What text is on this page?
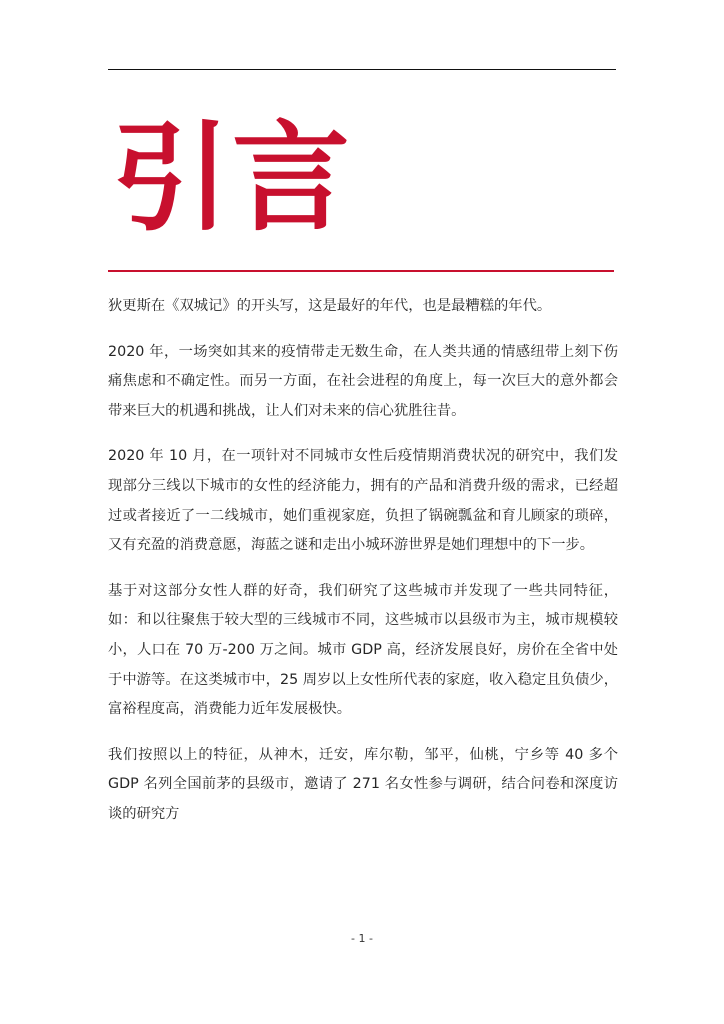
引言

狄更斯在《双城记》的开头写，这是最好的年代，也是最糟糕的年代。

2020 年，一场突如其来的疫情带走无数生命，在人类共通的情感纽带上刻下伤痛焦虑和不确定性。而另一方面，在社会进程的角度上，每一次巨大的意外都会带来巨大的机遇和挑战，让人们对未来的信心犹胜往昔。

2020 年 10 月，在一项针对不同城市女性后疫情期消费状况的研究中，我们发现部分三线以下城市的女性的经济能力，拥有的产品和消费升级的需求，已经超过或者接近了一二线城市，她们重视家庭，负担了锅碗瓢盆和育儿顾家的琐碎，又有充盈的消费意愿，海蓝之谜和走出小城环游世界是她们理想中的下一步。

基于对这部分女性人群的好奇，我们研究了这些城市并发现了一些共同特征，如：和以往聚焦于较大型的三线城市不同，这些城市以县级市为主，城市规模较小，人口在 70 万-200 万之间。城市 GDP 高，经济发展良好，房价在全省中处于中游等。在这类城市中，25 周岁以上女性所代表的家庭，收入稳定且负债少，富裕程度高，消费能力近年发展极快。

我们按照以上的特征，从神木，迁安，库尔勒，邹平，仙桃，宁乡等 40 多个 GDP 名列全国前茅的县级市，邀请了 271 名女性参与调研，结合问卷和深度访谈的研究方

- 1 -
